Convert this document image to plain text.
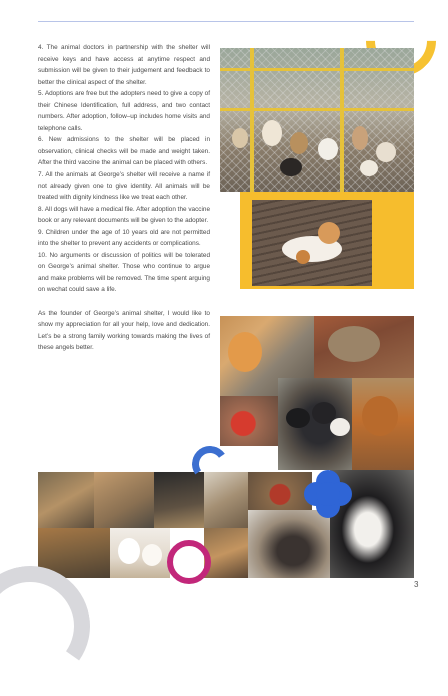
4. The animal doctors in partnership with the shelter will receive keys and have access at anytime respect and submission will be given to their judgement and feedback to better the clinical aspect of the shelter.

5. Adoptions are free but the adopters need to give a copy of their Chinese Identification, full address, and two contact numbers. After adoption, follow–up includes home visits and telephone calls.

6. New admissions to the shelter will be placed in observation, clinical checks will be made and weight taken. After the third vaccine the animal can be placed with others.

7. All the animals at George’s shelter will receive a name if not already given one to give identity. All animals will be treated with dignity kindness like we treat each other.

8. All dogs will have a medical file. After adoption the vaccine book or any relevant documents will be given to the adopter.

9. Children under the age of 10 years old are not permitted into the shelter to prevent any accidents or complications.

10. No arguments or discussion of politics will be tolerated on George’s animal shelter. Those who continue to argue and make problems will be removed. The time spent arguing on wechat could save a life.

As the founder of George’s animal shelter, I would like to show my appreciation for all your help, love and dedication. Let’s be a strong family working towards making the lives of these angels better.

3
